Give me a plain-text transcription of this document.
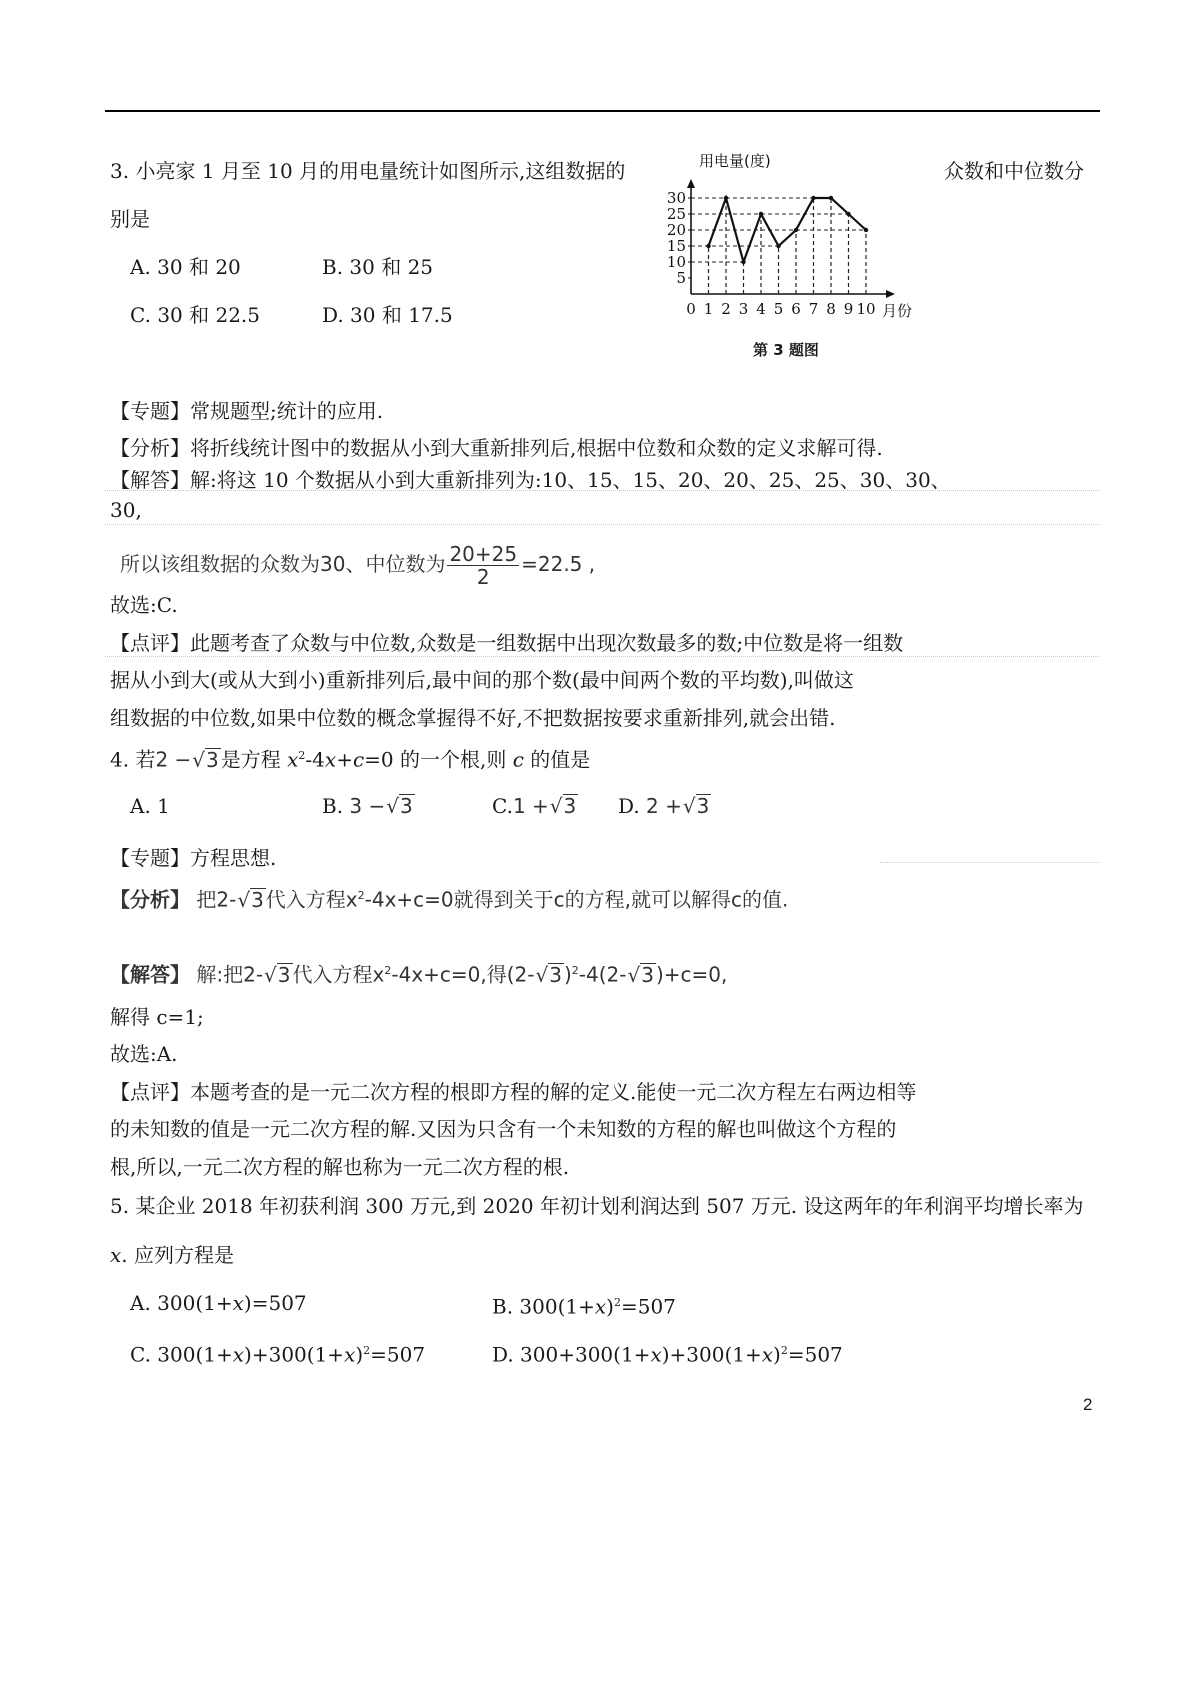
3. 小亮家 1 月至 10 月的用电量统计如图所示,这组数据的	众数和中位数分
别是
A. 30 和 20	B. 30 和 25
C. 30 和 22.5	D. 30 和 17.5
5
10
15
20
25
30
0 1 2 3 4 5 6 7 8 9 10
用电量(度)
月份
第 3 题图
【专题】常规题型;统计的应用.
【分析】将折线统计图中的数据从小到大重新排列后,根据中位数和众数的定义求解可得.
【解答】解:将这 10 个数据从小到大重新排列为:10、15、15、20、20、25、25、30、30、
30,
所以该组数据的众数为30、中位数为 $\frac{20+25}{2} =22.5$ ,
故选:C.
【点评】此题考查了众数与中位数,众数是一组数据中出现次数最多的数;中位数是将一组数
据从小到大(或从大到小)重新排列后,最中间的那个数(最中间两个数的平均数),叫做这
组数据的中位数,如果中位数的概念掌握得不好,不把数据按要求重新排列,就会出错.
4. 若2 −√3 是方程 $x^2-4x+c=0$ 的一个根,则 c 的值是
A. 1	B. 3 −√3	C.1 +√3 D. 2 +√3
【专题】方程思想.
【分析】 把2-√3 代入方程$x^2-4x+c=0$就得到关于c的方程,就可以解得c的值.
【解答】 解:把2-√3 代入方程$x^2-4x+c=0$,得(2-√3 )$^2$-4(2-√3 )+c=0,
解得 c=1;
故选:A.
【点评】本题考查的是一元二次方程的根即方程的解的定义.能使一元二次方程左右两边相等
的未知数的值是一元二次方程的解.又因为只含有一个未知数的方程的解也叫做这个方程的
根,所以,一元二次方程的解也称为一元二次方程的根.
5. 某企业 2018 年初获利润 300 万元,到 2020 年初计划利润达到 507 万元. 设这两年的年利润平均增长率为
x. 应列方程是
A. 300(1+x)=507	B. $300(1+x)^2=507$
C. $300(1+x)+300(1+x)^2=507$	D. $300+300(1+x)+300(1+x)^2=507$
2
